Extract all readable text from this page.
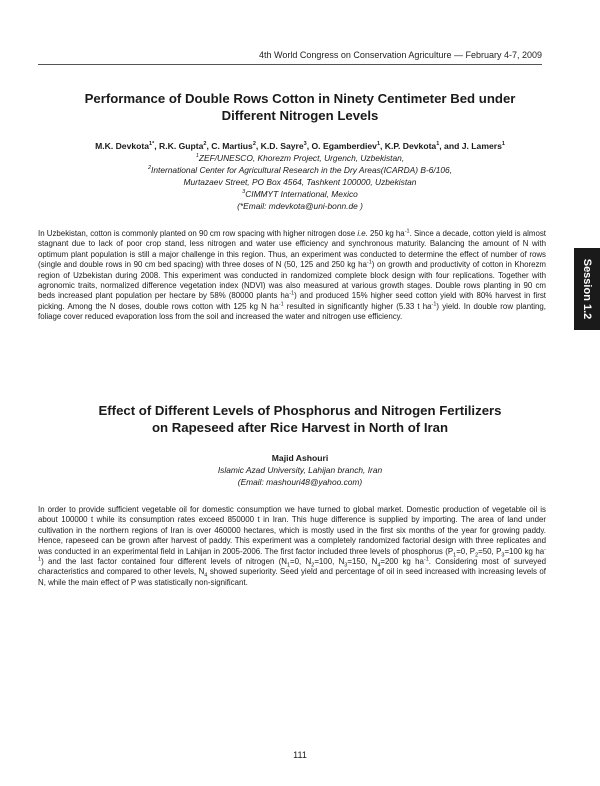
4th World Congress on Conservation Agriculture — February 4-7, 2009
Performance of Double Rows Cotton in Ninety Centimeter Bed under
Different Nitrogen Levels
M.K. Devkota$^{1*}$, R.K. Gupta$^2$, C. Martius$^2$, K.D. Sayre$^3$, O. Egamberdiev$^1$, K.P. Devkota$^1$, and J. Lamers$^1$
$^1$ZEF/UNESCO, Khorezm Project, Urgench, Uzbekistan,
$^2$International Center for Agricultural Research in the Dry Areas(ICARDA) B-6/106,
Murtazaev Street, PO Box 4564, Tashkent 100000, Uzbekistan
$^3$CIMMYT International, Mexico
(*Email: mdevkota@uni-bonn.de )

In Uzbekistan, cotton is commonly planted on 90 cm row spacing with higher nitrogen dose i.e. 250 kg $ha^{-1}$. Since a decade, cotton yield is almost stagnant due to lack of poor crop stand, less nitrogen and water use efficiency and synchronous maturity. Balancing the amount of N with optimum plant population is still a major challenge in this region. Thus, an experiment was conducted to determine the effect of number of rows (single and double rows in 90 cm bed spacing) with three doses of N (50, 125 and 250 kg $ha^{-1}$) on growth and productivity of cotton in Khorezm region of Uzbekistan during 2008. This experiment was conducted in randomized complete block design with four replications. Together with agronomic traits, normalized difference vegetation index (NDVI) was also measured at various growth stages. Double rows planting in 90 cm beds increased plant population per hectare by 58% (80000 plants $ha^{-1}$) and produced 15% higher seed cotton yield with 80% harvest in first picking. Among the N doses, double rows cotton with 125 kg N $ha^{-1}$ resulted in significantly higher (5.33 t $ha^{-1}$) yield. In double row planting, foliage cover reduced evaporation loss from the soil and increased the water and nitrogen use efficiency.

Effect of Different Levels of Phosphorus and Nitrogen Fertilizers
on Rapeseed after Rice Harvest in North of Iran
Majid Ashouri
Islamic Azad University, Lahijan branch, Iran
(Email: mashouri48@yahoo.com)

In order to provide sufficient vegetable oil for domestic consumption we have turned to global market. Domestic production of vegetable oil is about 100000 t while its consumption rates exceed 850000 t in Iran. This huge difference is supplied by importing. The area of land under cultivation in the northern regions of Iran is over 460000 hectares, which is mostly used in the first six months of the year for growing paddy. Hence, rapeseed can be grown after harvest of paddy. This experiment was a completely randomized factorial design with three replicates and was conducted in an experimental field in Lahijan in 2005-2006. The first factor included three levels of phosphorus ($P_1=0$, $P_2=50$, $P_3=100$ kg $ha^{-1}$) and the last factor contained four different levels of nitrogen ($N_1=0$, $N_2=100$, $N_3=150$, $N_4=200$ kg $ha^{-1}$. Considering most of surveyed characteristics and compared to other levels, $N_4$ showed superiority. Seed yield and percentage of oil in seed increased with increasing levels of N, while the main effect of P was statistically non-significant.

Session 1.2
111
